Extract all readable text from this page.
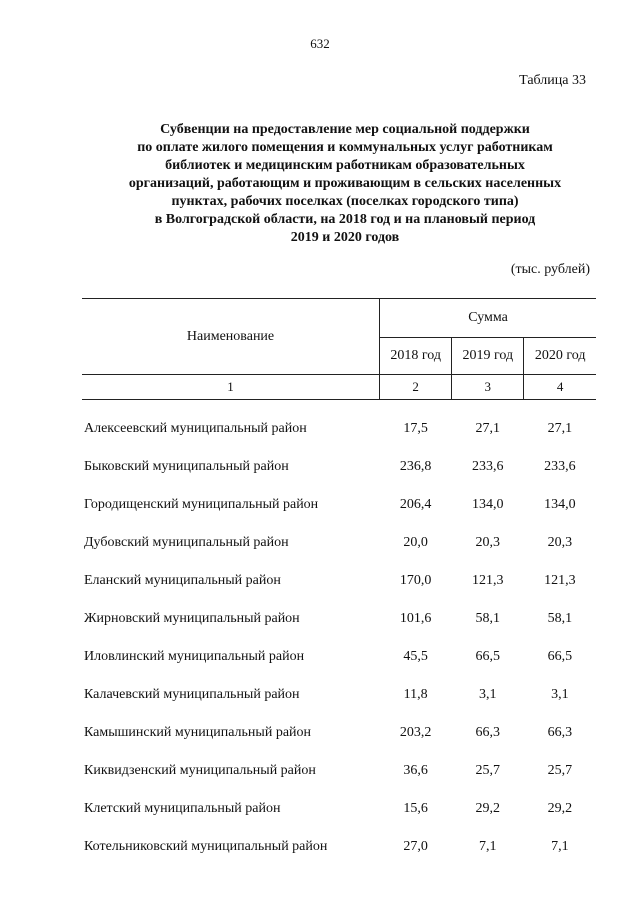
632
Таблица 33
Субвенции на предоставление мер социальной поддержки
по оплате жилого помещения и коммунальных услуг работникам
библиотек и медицинским работникам образовательных
организаций, работающим и проживающим в сельских населенных
пунктах, рабочих поселках (поселках городского типа)
в Волгоградской области, на 2018 год и на плановый период
2019 и 2020 годов
(тыс. рублей)
Наименование	Сумма		
	2018 год	2019 год	2020 год
1	2	3	4

Алексеевский муниципальный район	17,5	27,1	27,1
Быковский муниципальный район	236,8	233,6	233,6
Городищенский муниципальный район	206,4	134,0	134,0
Дубовский муниципальный район	20,0	20,3	20,3
Еланский муниципальный район	170,0	121,3	121,3
Жирновский муниципальный район	101,6	58,1	58,1
Иловлинский муниципальный район	45,5	66,5	66,5
Калачевский муниципальный район	11,8	3,1	3,1
Камышинский муниципальный район	203,2	66,3	66,3
Киквидзенский муниципальный район	36,6	25,7	25,7
Клетский муниципальный район	15,6	29,2	29,2
Котельниковский муниципальный район	27,0	7,1	7,1
